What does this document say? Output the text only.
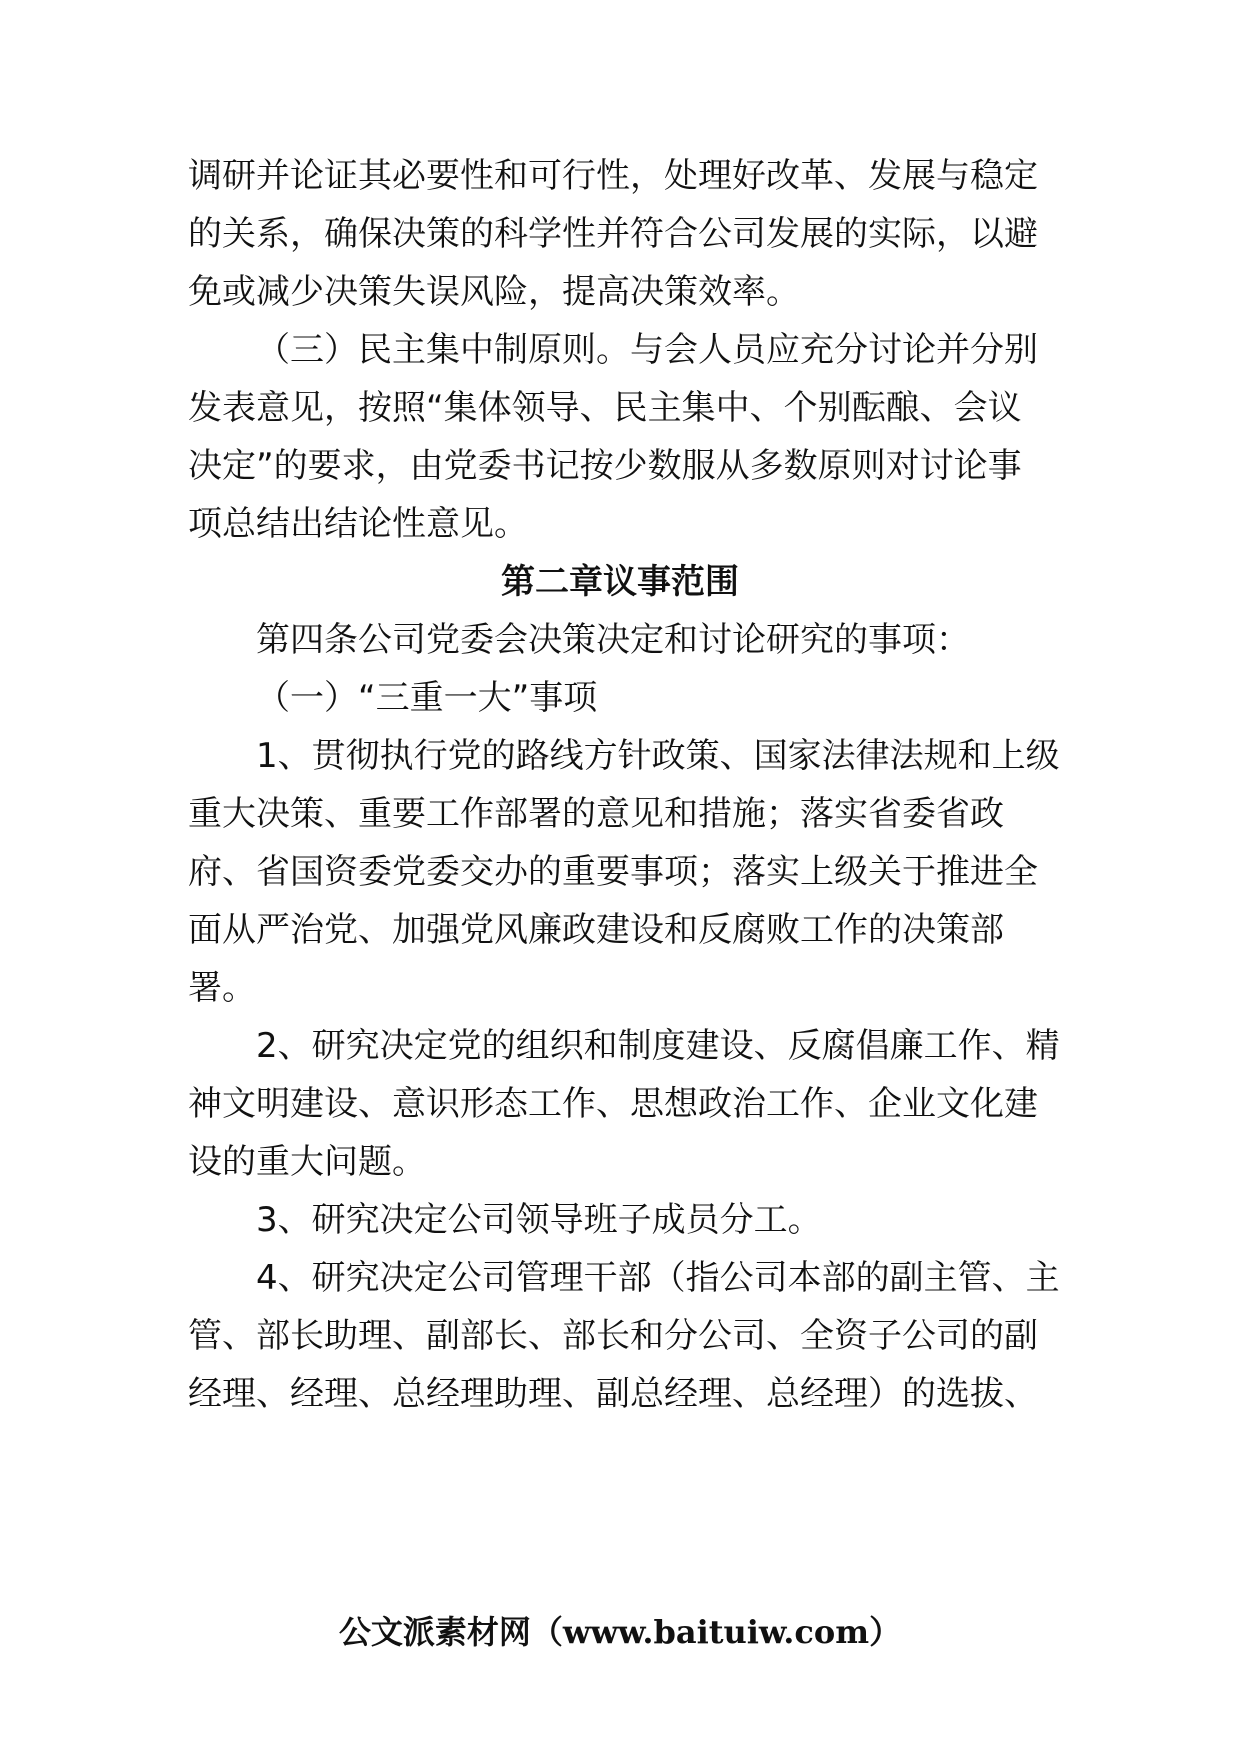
调研并论证其必要性和可行性，处理好改革、发展与稳定
的关系，确保决策的科学性并符合公司发展的实际，以避
免或减少决策失误风险，提高决策效率。
（三）民主集中制原则。与会人员应充分讨论并分别
发表意见，按照“集体领导、民主集中、个别酝酿、会议
决定”的要求，由党委书记按少数服从多数原则对讨论事
项总结出结论性意见。
第二章议事范围
第四条公司党委会决策决定和讨论研究的事项：
（一）“三重一大”事项
1、贯彻执行党的路线方针政策、国家法律法规和上级
重大决策、重要工作部署的意见和措施；落实省委省政
府、省国资委党委交办的重要事项；落实上级关于推进全
面从严治党、加强党风廉政建设和反腐败工作的决策部
署。
2、研究决定党的组织和制度建设、反腐倡廉工作、精
神文明建设、意识形态工作、思想政治工作、企业文化建
设的重大问题。
3、研究决定公司领导班子成员分工。
4、研究决定公司管理干部（指公司本部的副主管、主
管、部长助理、副部长、部长和分公司、全资子公司的副
经理、经理、总经理助理、副总经理、总经理）的选拔、
公文派素材网（www.baituiw.com）
